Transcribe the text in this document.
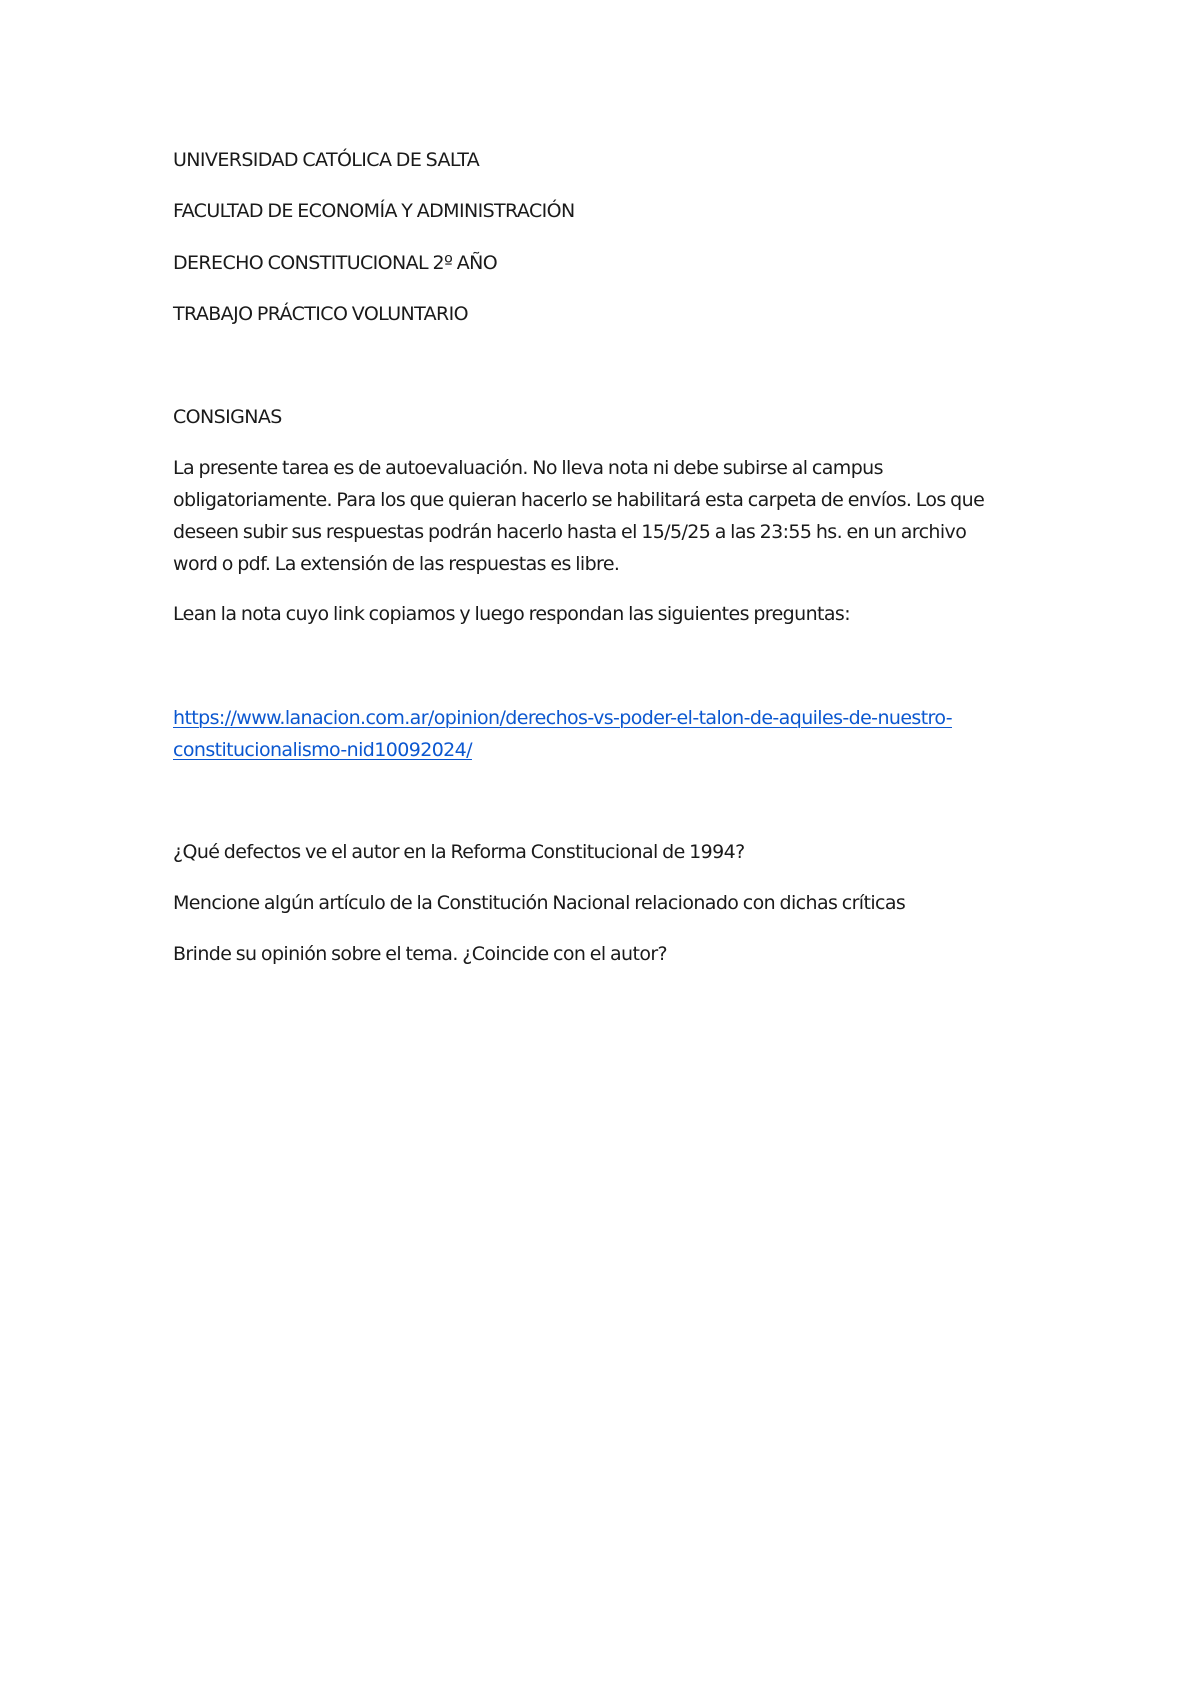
UNIVERSIDAD CATÓLICA DE SALTA
FACULTAD DE ECONOMÍA Y ADMINISTRACIÓN
DERECHO CONSTITUCIONAL 2º AÑO
TRABAJO PRÁCTICO VOLUNTARIO
CONSIGNAS
La presente tarea es de autoevaluación. No lleva nota ni debe subirse al campus obligatoriamente. Para los que quieran hacerlo se habilitará esta carpeta de envíos. Los que deseen subir sus respuestas podrán hacerlo hasta el 15/5/25 a las 23:55 hs. en un archivo word o pdf. La extensión de las respuestas es libre.
Lean la nota cuyo link copiamos y luego respondan las siguientes preguntas:
https://www.lanacion.com.ar/opinion/derechos-vs-poder-el-talon-de-aquiles-de-nuestro-
constitucionalismo-nid10092024/
¿Qué defectos ve el autor en la Reforma Constitucional de 1994?
Mencione algún artículo de la Constitución Nacional relacionado con dichas críticas
Brinde su opinión sobre el tema. ¿Coincide con el autor?
